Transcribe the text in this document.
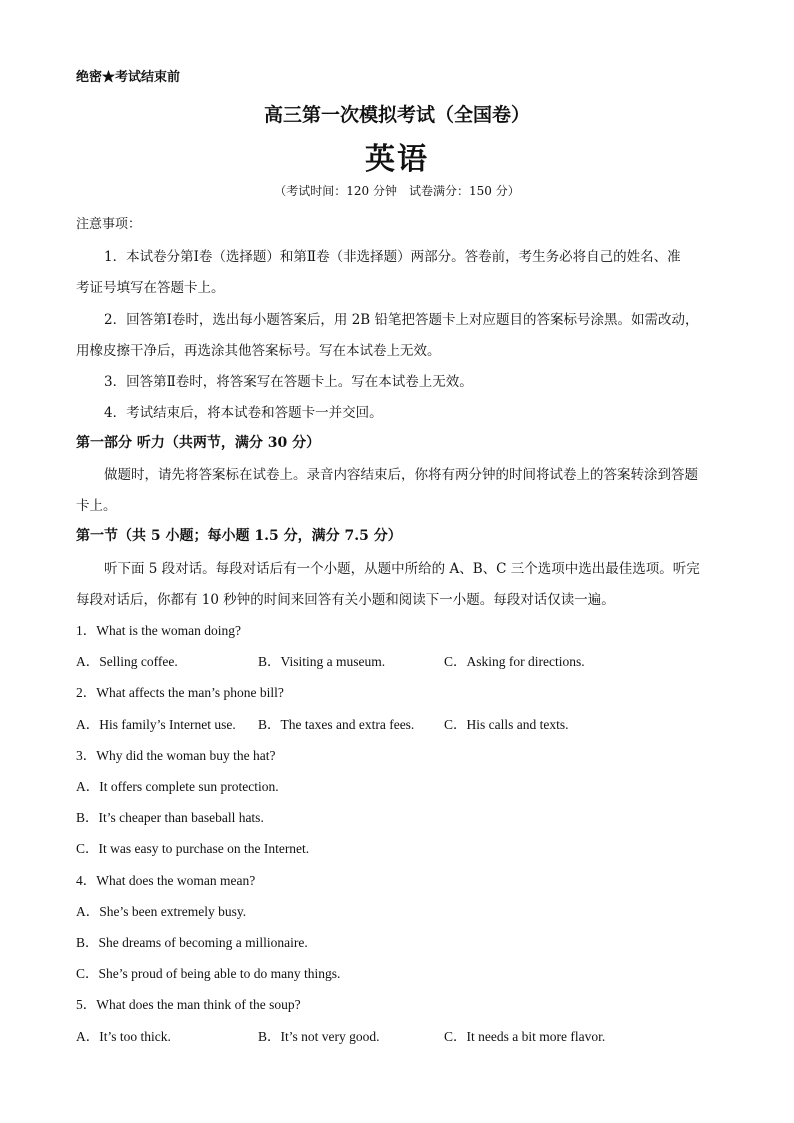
绝密★考试结束前
高三第一次模拟考试（全国卷）
英语
（考试时间：120 分钟　试卷满分：150 分）
注意事项：
1．本试卷分第Ⅰ卷（选择题）和第Ⅱ卷（非选择题）两部分。答卷前，考生务必将自己的姓名、准
考证号填写在答题卡上。
2．回答第Ⅰ卷时，选出每小题答案后，用 2B 铅笔把答题卡上对应题目的答案标号涂黑。如需改动，
用橡皮擦干净后，再选涂其他答案标号。写在本试卷上无效。
3．回答第Ⅱ卷时，将答案写在答题卡上。写在本试卷上无效。
4．考试结束后，将本试卷和答题卡一并交回。
第一部分 听力（共两节，满分 30 分）
做题时，请先将答案标在试卷上。录音内容结束后，你将有两分钟的时间将试卷上的答案转涂到答题
卡上。
第一节（共 5 小题；每小题 1.5 分，满分 7.5 分）
听下面 5 段对话。每段对话后有一个小题，从题中所给的 A、B、C 三个选项中选出最佳选项。听完
每段对话后，你都有 10 秒钟的时间来回答有关小题和阅读下一小题。每段对话仅读一遍。
1．What is the woman doing?
A．Selling coffee.	B．Visiting a museum.	C．Asking for directions.
2．What affects the man’s phone bill?
A．His family’s Internet use. B．The taxes and extra fees. C．His calls and texts.
3．Why did the woman buy the hat?
A．It offers complete sun protection.
B．It’s cheaper than baseball hats.
C．It was easy to purchase on the Internet.
4．What does the woman mean?
A．She’s been extremely busy.
B．She dreams of becoming a millionaire.
C．She’s proud of being able to do many things.
5．What does the man think of the soup?
A．It’s too thick.	B．It’s not very good.	C．It needs a bit more flavor.
